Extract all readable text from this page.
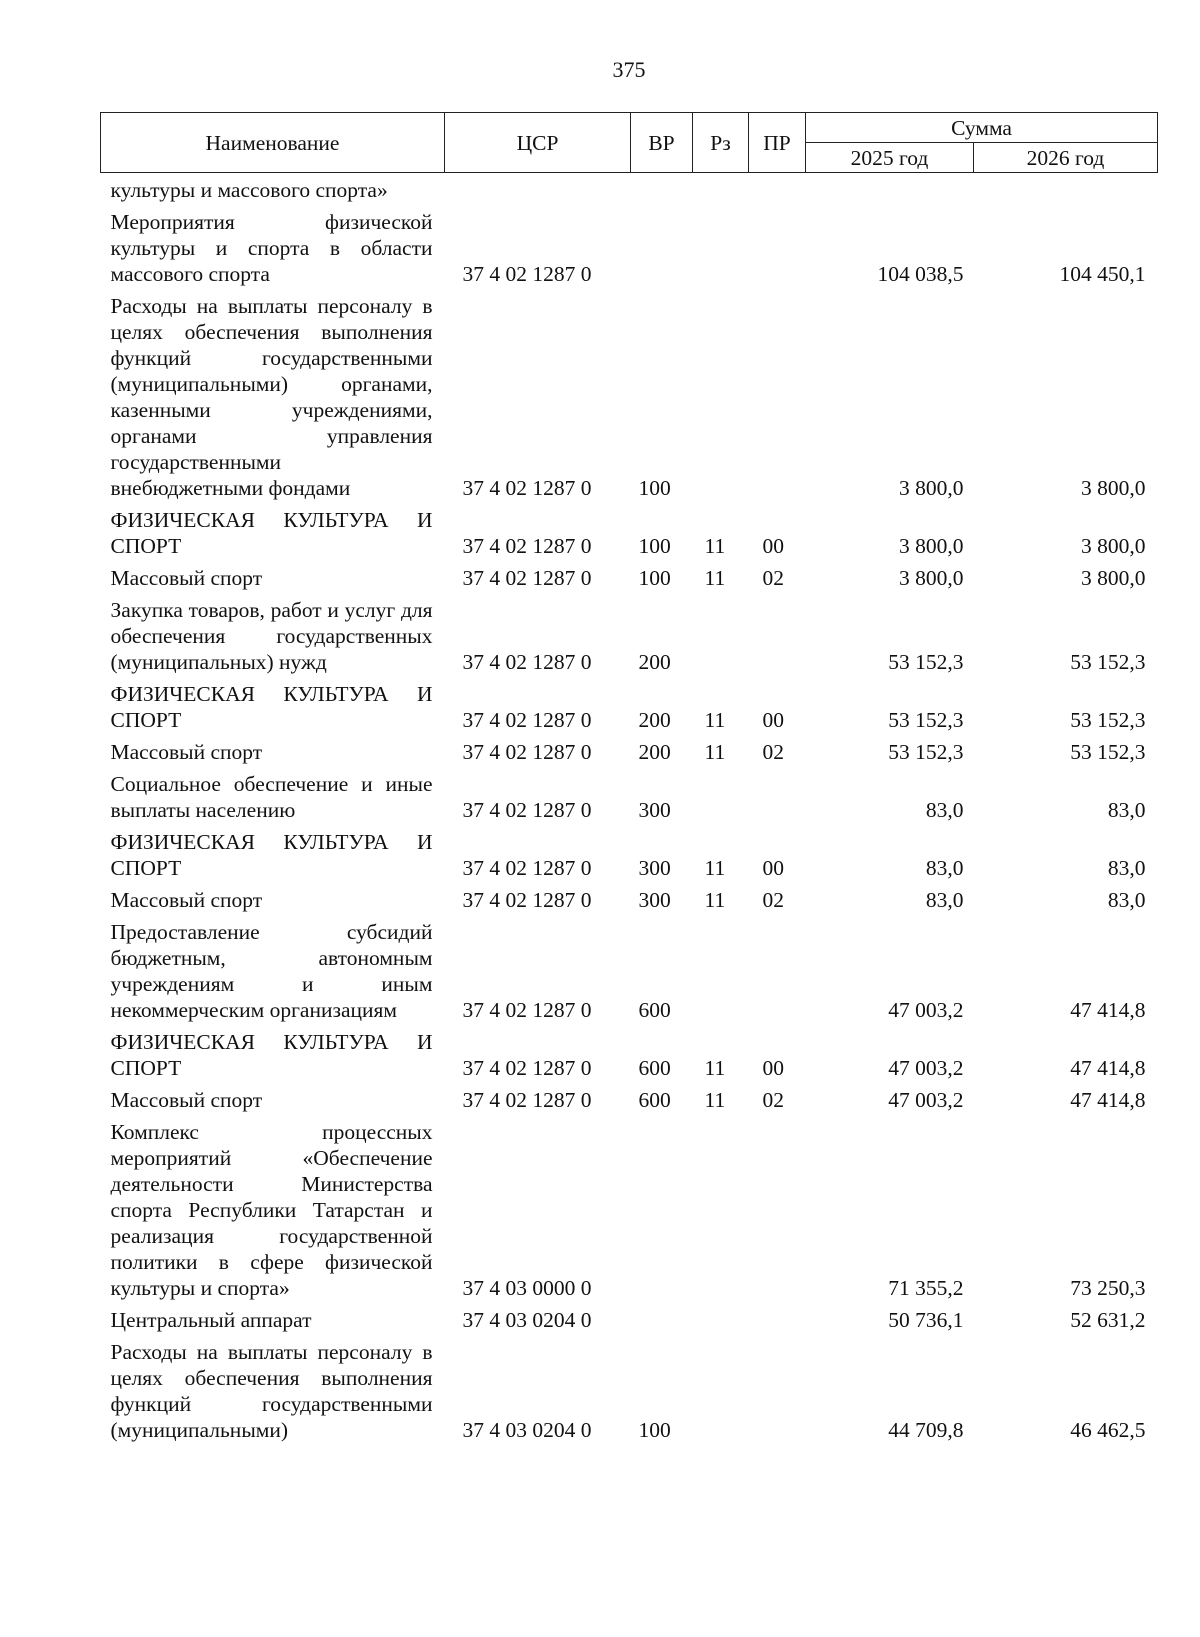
375
Наименование	ЦСР	ВР	Рз	ПР	Сумма	
					2025 год	2026 год
культуры и массового спорта»						
Мероприятия физической культуры и спорта в области массового спорта	37 4 02 1287 0				104 038,5	104 450,1
Расходы на выплаты персоналу в целях обеспечения выполнения функций государственными (муниципальными) органами, казенными учреждениями, органами управления государственными внебюджетными фондами	37 4 02 1287 0	100			3 800,0	3 800,0
ФИЗИЧЕСКАЯ КУЛЬТУРА И СПОРТ	37 4 02 1287 0	100	11	00	3 800,0	3 800,0
Массовый спорт	37 4 02 1287 0	100	11	02	3 800,0	3 800,0
Закупка товаров, работ и услуг для обеспечения государственных (муниципальных) нужд	37 4 02 1287 0	200			53 152,3	53 152,3
ФИЗИЧЕСКАЯ КУЛЬТУРА И СПОРТ	37 4 02 1287 0	200	11	00	53 152,3	53 152,3
Массовый спорт	37 4 02 1287 0	200	11	02	53 152,3	53 152,3
Социальное обеспечение и иные выплаты населению	37 4 02 1287 0	300			83,0	83,0
ФИЗИЧЕСКАЯ КУЛЬТУРА И СПОРТ	37 4 02 1287 0	300	11	00	83,0	83,0
Массовый спорт	37 4 02 1287 0	300	11	02	83,0	83,0
Предоставление субсидий бюджетным, автономным учреждениям и иным некоммерческим организациям	37 4 02 1287 0	600			47 003,2	47 414,8
ФИЗИЧЕСКАЯ КУЛЬТУРА И СПОРТ	37 4 02 1287 0	600	11	00	47 003,2	47 414,8
Массовый спорт	37 4 02 1287 0	600	11	02	47 003,2	47 414,8
Комплекс процессных мероприятий «Обеспечение деятельности Министерства спорта Республики Татарстан и реализация государственной политики в сфере физической культуры и спорта»	37 4 03 0000 0				71 355,2	73 250,3
Центральный аппарат	37 4 03 0204 0				50 736,1	52 631,2
Расходы на выплаты персоналу в целях обеспечения выполнения функций государственными (муниципальными)	37 4 03 0204 0	100			44 709,8	46 462,5
